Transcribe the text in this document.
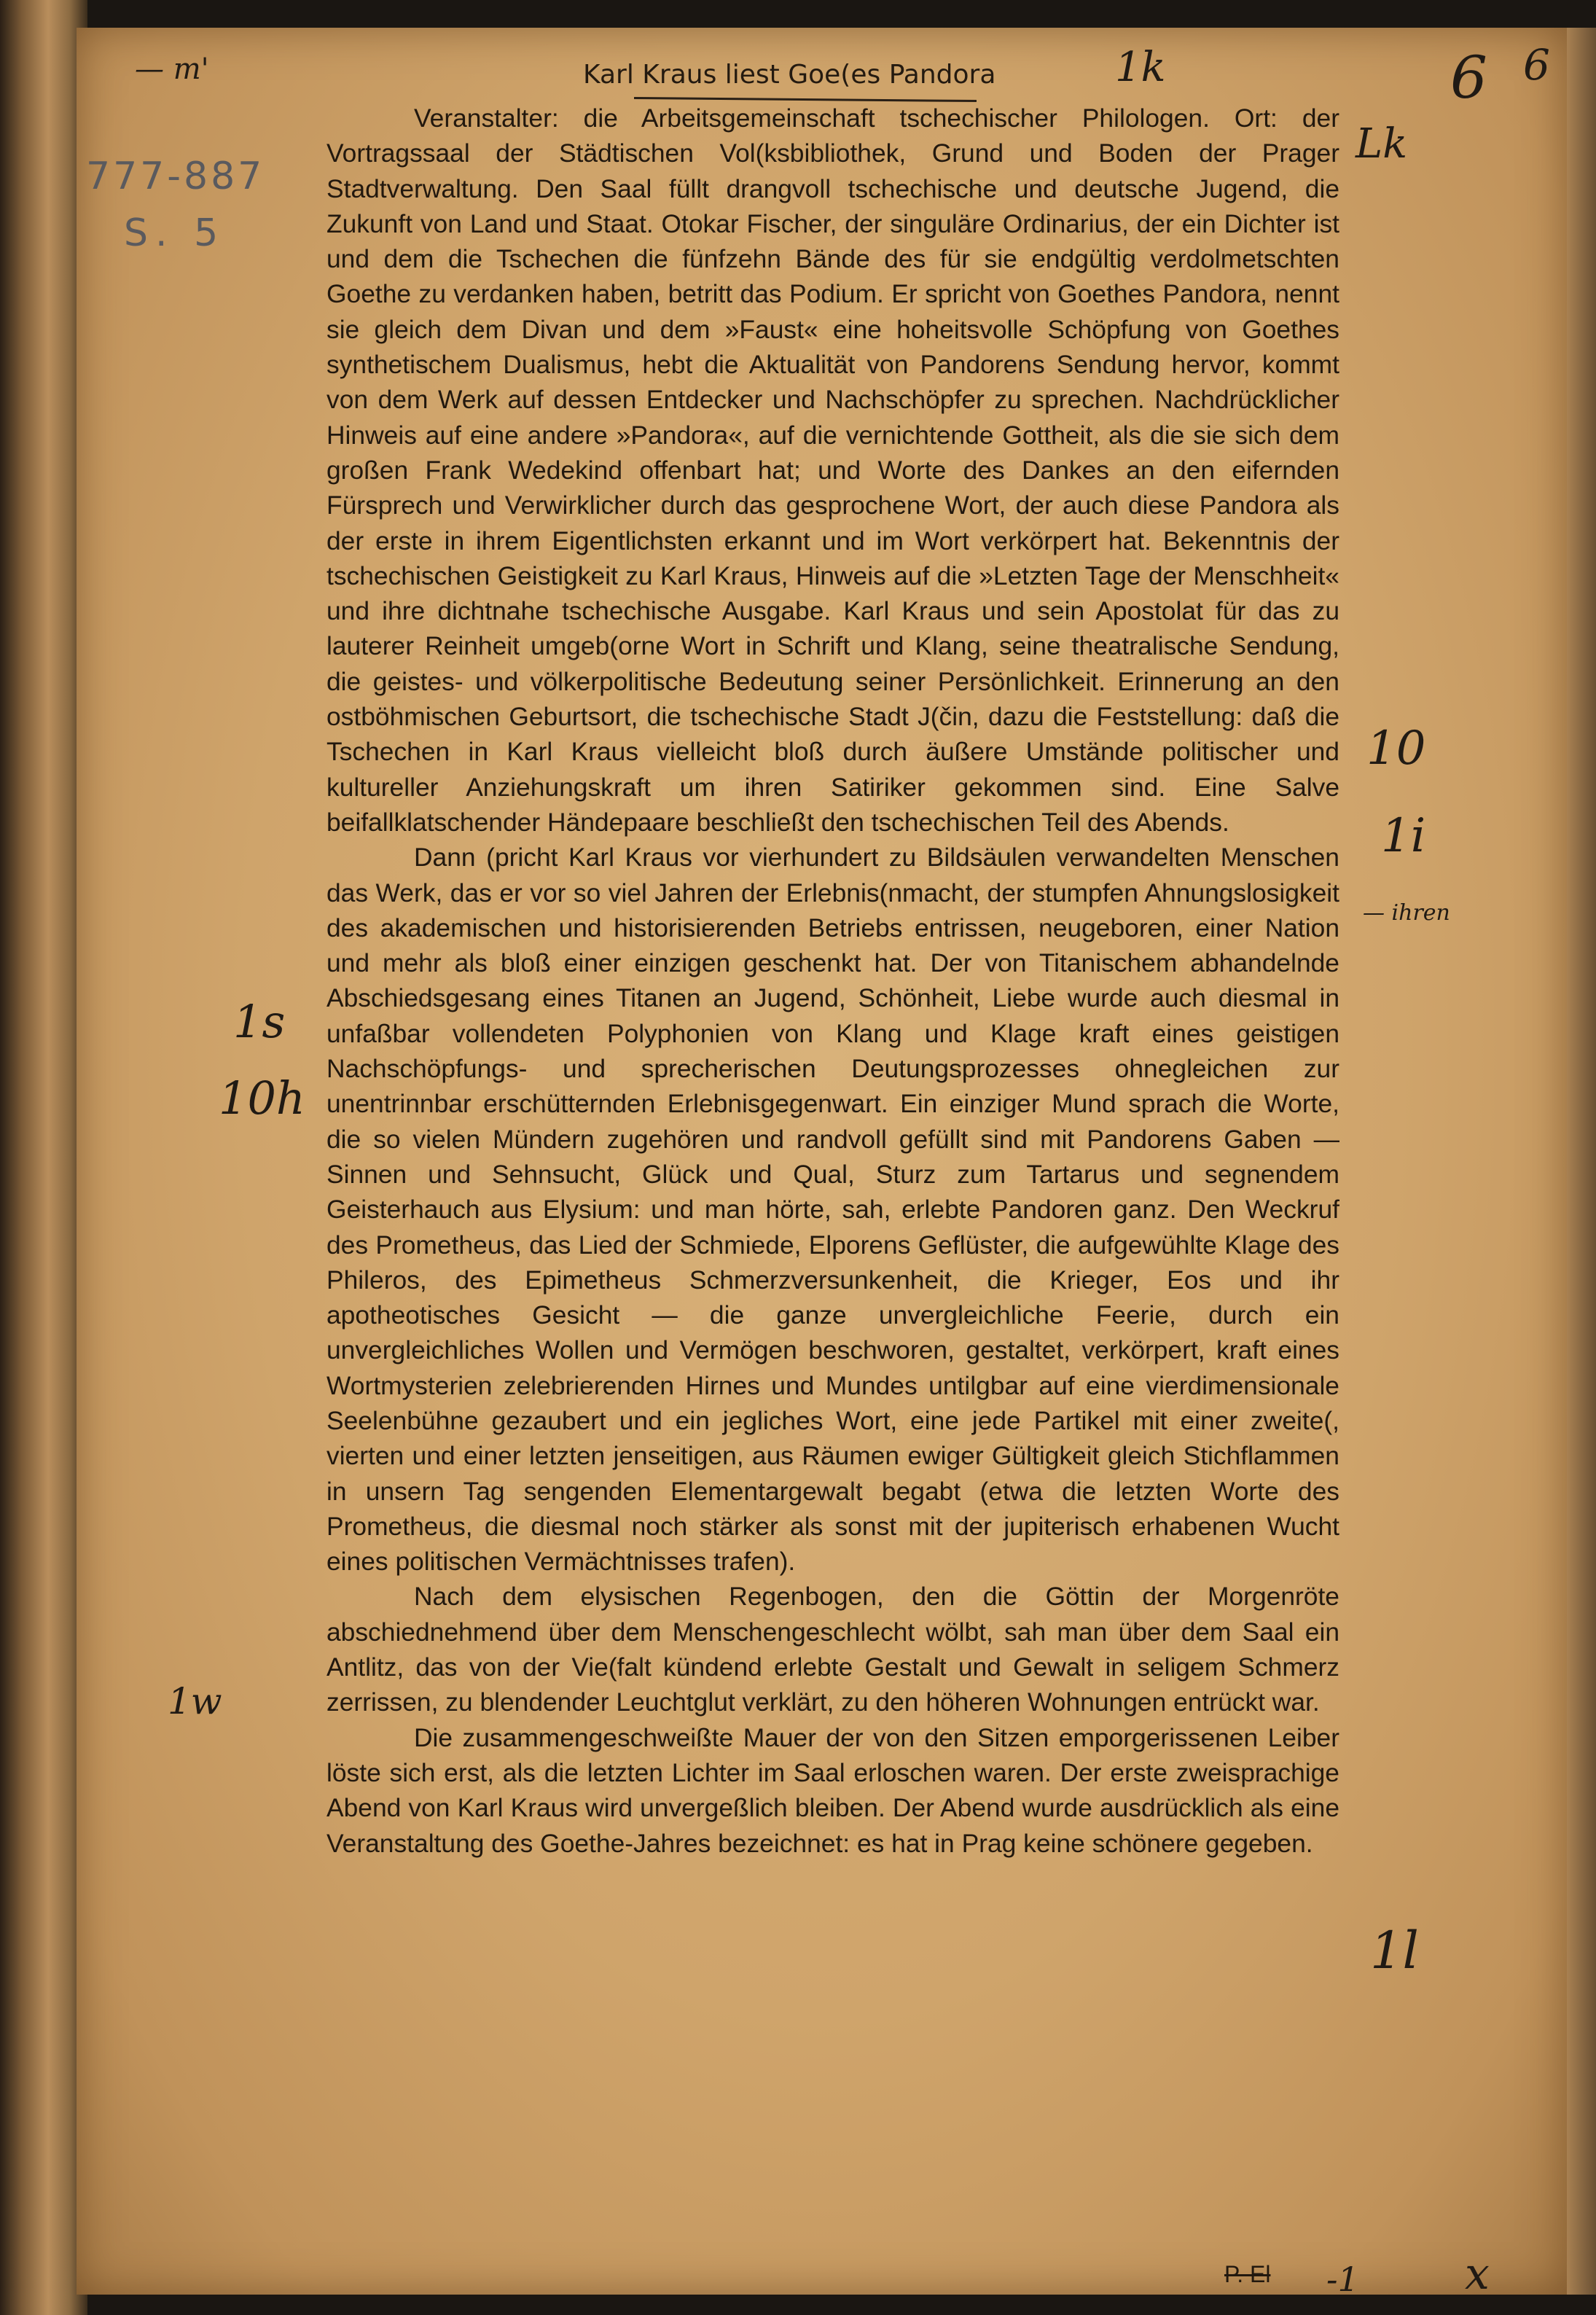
Karl Kraus liest Goe(es Pandora

Veranstalter: die Arbeitsgemeinschaft tschechischer Philologen. Ort: der Vortragssaal der Städtischen Vol(ksbibliothek, Grund und Boden der Prager Stadtverwaltung. Den Saal füllt drangvoll tschechische und deutsche Jugend, die Zukunft von Land und Staat. Otokar Fischer, der singuläre Ordinarius, der ein Dichter ist und dem die Tschechen die fünfzehn Bände des für sie endgültig verdolmetschten Goethe zu verdanken haben, betritt das Podium. Er spricht von Goethes Pandora, nennt sie gleich dem Divan und dem »Faust« eine hoheitsvolle Schöpfung von Goethes synthetischem Dualismus, hebt die Aktualität von Pandorens Sendung hervor, kommt von dem Werk auf dessen Entdecker und Nachschöpfer zu sprechen. Nachdrücklicher Hinweis auf eine andere »Pandora«, auf die vernichtende Gottheit, als die sie sich dem großen Frank Wedekind offenbart hat; und Worte des Dankes an den eifernden Fürsprech und Verwirklicher durch das gesprochene Wort, der auch diese Pandora als der erste in ihrem Eigentlichsten erkannt und im Wort verkörpert hat. Bekenntnis der tschechischen Geistigkeit zu Karl Kraus, Hinweis auf die »Letzten Tage der Menschheit« und ihre dichtnahe tschechische Ausgabe. Karl Kraus und sein Apostolat für das zu lauterer Reinheit umgeb(orne Wort in Schrift und Klang, seine theatralische Sendung, die geistes- und völkerpolitische Bedeutung seiner Persönlichkeit. Erinnerung an den ostböhmischen Geburtsort, die tschechische Stadt J(čin, dazu die Feststellung: daß die Tschechen in Karl Kraus vielleicht bloß durch äußere Umstände politischer und kultureller Anziehungskraft um ihren Satiriker gekommen sind. Eine Salve beifallklatschender Händepaare beschließt den tschechischen Teil des Abends.

Dann (pricht Karl Kraus vor vierhundert zu Bildsäulen verwandelten Menschen das Werk, das er vor so viel Jahren der Erlebnis(nmacht, der stumpfen Ahnungslosigkeit des akademischen und historisierenden Betriebs entrissen, neugeboren, einer Nation und mehr als bloß einer einzigen geschenkt hat. Der von Titanischem abhandelnde Abschiedsgesang eines Titanen an Jugend, Schönheit, Liebe wurde auch diesmal in unfaßbar vollendeten Polyphonien von Klang und Klage kraft eines geistigen Nachschöpfungs- und sprecherischen Deutungsprozesses ohnegleichen zur unentrinnbar erschütternden Erlebnisgegenwart. Ein einziger Mund sprach die Worte, die so vielen Mündern zugehören und randvoll gefüllt sind mit Pandorens Gaben — Sinnen und Sehnsucht, Glück und Qual, Sturz zum Tartarus und segnendem Geisterhauch aus Elysium: und man hörte, sah, erlebte Pandoren ganz. Den Weckruf des Prometheus, das Lied der Schmiede, Elporens Geflüster, die aufgewühlte Klage des Phileros, des Epimetheus Schmerzversunkenheit, die Krieger, Eos und ihr apotheotisches Gesicht — die ganze unvergleichliche Feerie, durch ein unvergleichliches Wollen und Vermögen beschworen, gestaltet, verkörpert, kraft eines Wortmysterien zelebrierenden Hirnes und Mundes untilgbar auf eine vierdimensionale Seelenbühne gezaubert und ein jegliches Wort, eine jede Partikel mit einer zweite(, vierten und einer letzten jenseitigen, aus Räumen ewiger Gültigkeit gleich Stichflammen in unsern Tag sengenden Elementargewalt begabt (etwa die letzten Worte des Prometheus, die diesmal noch stärker als sonst mit der jupiterisch erhabenen Wucht eines politischen Vermächtnisses trafen).

Nach dem elysischen Regenbogen, den die Göttin der Morgenröte abschiednehmend über dem Menschengeschlecht wölbt, sah man über dem Saal ein Antlitz, das von der Vie(falt kündend erlebte Gestalt und Gewalt in seligem Schmerz zerrissen, zu blendender Leuchtglut verklärt, zu den höheren Wohnungen entrückt war.

Die zusammengeschweißte Mauer der von den Sitzen emporgerissenen Leiber löste sich erst, als die letzten Lichter im Saal erloschen waren. Der erste zweisprachige Abend von Karl Kraus wird unvergeßlich bleiben. Der Abend wurde ausdrücklich als eine Veranstaltung des Goethe-Jahres bezeichnet: es hat in Prag keine schönere gegeben.

P. El
— m'
777-887
S. 5
1k	6 6
Lk
10
1i
— ihren
1s
10h
1w
1l
-1 x
